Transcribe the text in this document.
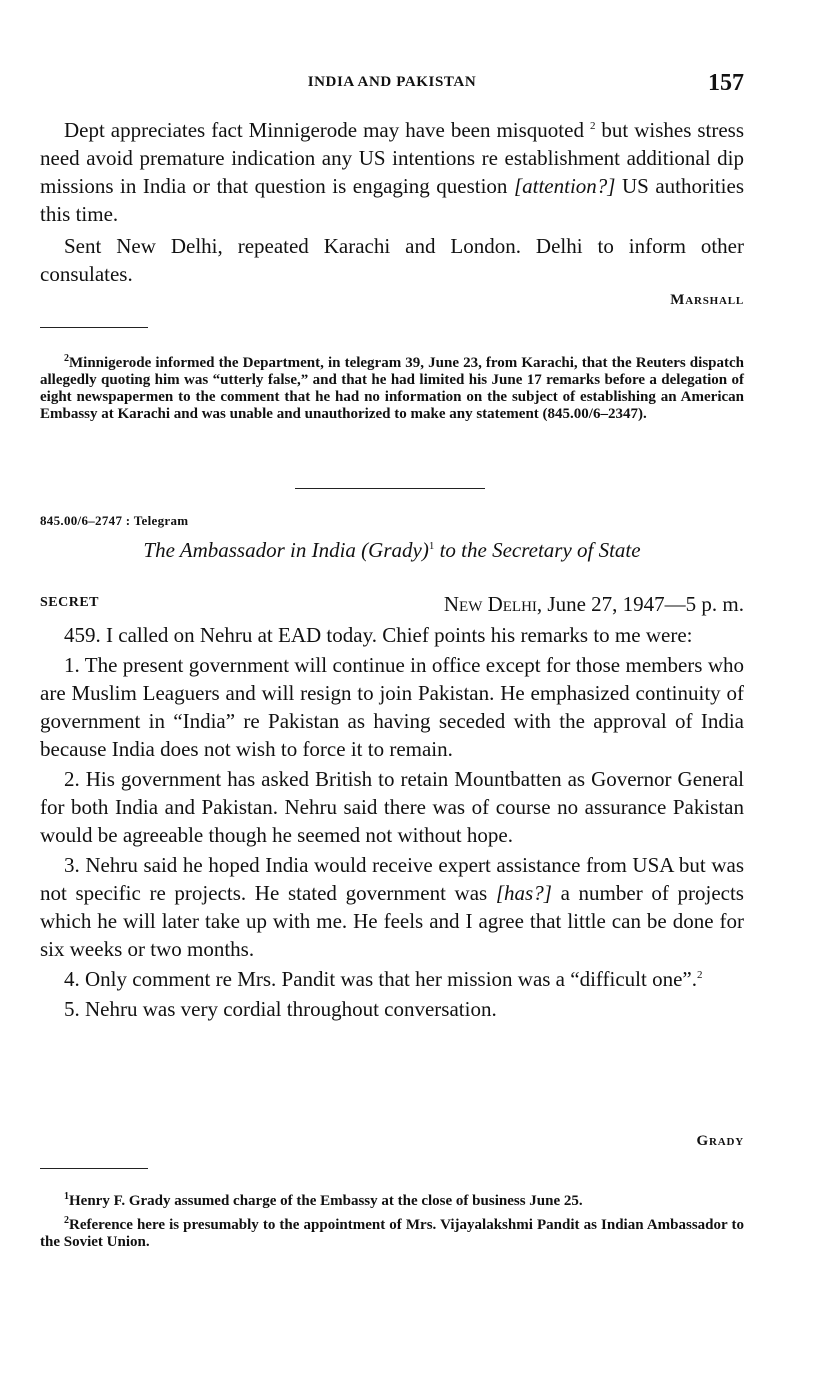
INDIA AND PAKISTAN	157

Dept appreciates fact Minnigerode may have been misquoted $^2$ but wishes stress need avoid premature indication any US intentions re establishment additional dip missions in India or that question is engaging question [attention?] US authorities this time.

Sent New Delhi, repeated Karachi and London. Delhi to inform other consulates.

Marshall

$^2$Minnigerode informed the Department, in telegram 39, June 23, from Karachi, that the Reuters dispatch allegedly quoting him was “utterly false,” and that he had limited his June 17 remarks before a delegation of eight newspapermen to the comment that he had no information on the subject of establishing an American Embassy at Karachi and was unable and unauthorized to make any statement (845.00/6–2347).

845.00/6–2747 : Telegram
The Ambassador in India (Grady)$^1$ to the Secretary of State
SECRET	New Delhi, June 27, 1947—5 p. m.

459. I called on Nehru at EAD today. Chief points his remarks to me were:

1. The present government will continue in office except for those members who are Muslim Leaguers and will resign to join Pakistan. He emphasized continuity of government in “India” re Pakistan as having seceded with the approval of India because India does not wish to force it to remain.

2. His government has asked British to retain Mountbatten as Governor General for both India and Pakistan. Nehru said there was of course no assurance Pakistan would be agreeable though he seemed not without hope.

3. Nehru said he hoped India would receive expert assistance from USA but was not specific re projects. He stated government was [has?] a number of projects which he will later take up with me. He feels and I agree that little can be done for six weeks or two months.

4. Only comment re Mrs. Pandit was that her mission was a “difficult one”.$^2$

5. Nehru was very cordial throughout conversation.

Grady

$^1$Henry F. Grady assumed charge of the Embassy at the close of business June 25.

$^2$Reference here is presumably to the appointment of Mrs. Vijayalakshmi Pandit as Indian Ambassador to the Soviet Union.
